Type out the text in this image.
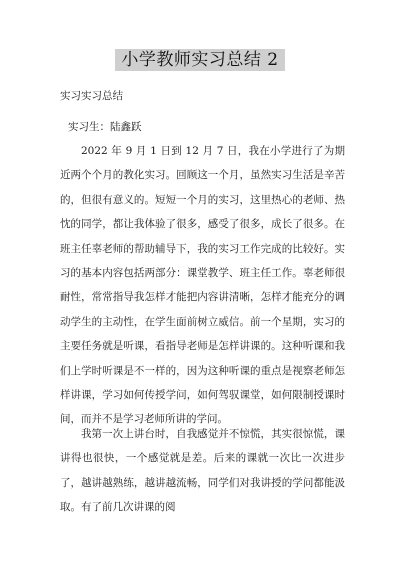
小学教师实习总结 2
实习实习总结
实习生：陆鑫跃

2022 年 9 月 1 日到 12 月 7 日，我在小学进行了为期近两个个月的教化实习。回顾这一个月，虽然实习生活是辛苦的，但很有意义的。短短一个月的实习，这里热心的老师、热忱的同学，都让我体验了很多，感受了很多，成长了很多。在班主任辜老师的帮助辅导下，我的实习工作完成的比较好。实习的基本内容包括两部分：课堂教学、班主任工作。辜老师很耐性，常常指导我怎样才能把内容讲清晰，怎样才能充分的调动学生的主动性，在学生面前树立威信。前一个星期，实习的主要任务就是听课，看指导老师是怎样讲课的。这种听课和我们上学时听课是不一样的，因为这种听课的重点是视察老师怎样讲课，学习如何传授学问，如何驾驭课堂，如何限制授课时间，而并不是学习老师所讲的学问。

我第一次上讲台时，自我感觉并不惊慌，其实很惊慌，课讲得也很快，一个感觉就是差。后来的课就一次比一次进步了，越讲越熟练，越讲越流畅，同学们对我讲授的学问都能汲取。有了前几次讲课的阅
